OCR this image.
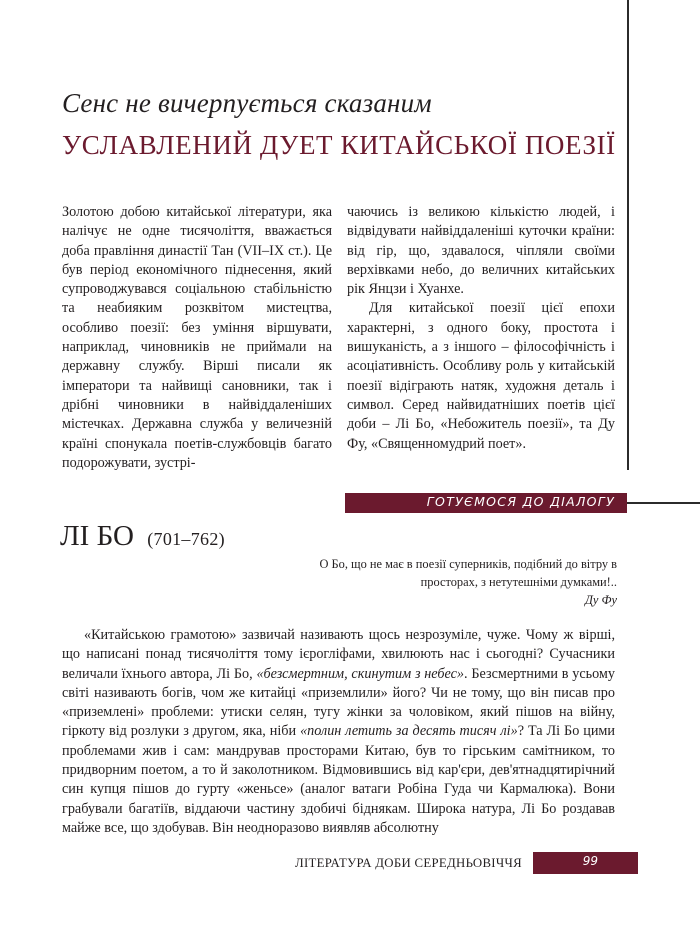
Сенс не вичерпується сказаним
УСЛАВЛЕНИЙ ДУЕТ КИТАЙСЬКОЇ ПОЕЗІЇ

Золотою добою китайської літератури, яка налічує не одне тисячоліття, вважається доба правління династії Тан (VII–IX ст.). Це був період економічного піднесення, який супроводжувався соціальною стабільністю та неабияким розквітом мистецтва, особливо поезії: без уміння віршувати, наприклад, чиновників не приймали на державну службу. Вірші писали як імператори та найвищі сановники, так і дрібні чиновники в найвіддаленіших містечках. Державна служба у величезній країні спонукала поетів-службовців багато подорожувати, зустрі-

чаючись із великою кількістю людей, і відвідувати найвіддаленіші куточки країни: від гір, що, здавалося, чіпляли своїми верхівками небо, до величних китайських рік Янцзи і Хуанхе.

Для китайської поезії цієї епохи характерні, з одного боку, простота і вишуканість, а з іншого – філософічність і асоціативність. Особливу роль у китайській поезії відіграють натяк, художня деталь і символ. Серед найвидатніших поетів цієї доби – Лі Бо, «Небожитель поезії», та Ду Фу, «Священномудрий поет».

ГОТУЄМОСЯ ДО ДІАЛОГУ
ЛІ БО (701–762)
О Бо, що не має в поезії суперників, подібний до вітру в просторах, з нетутешніми думками!..
Ду Фу
«Китайською грамотою» зазвичай називають щось незрозуміле, чуже. Чому ж вірші, що написані понад тисячоліття тому ієрогліфами, хвилюють нас і сьогодні? Сучасники величали їхнього автора, Лі Бо, «безсмертним, скинутим з небес». Безсмертними в усьому світі називають богів, чом же китайці «приземлили» його? Чи не тому, що він писав про «приземлені» проблеми: утиски селян, тугу жінки за чоловіком, який пішов на війну, гіркоту від розлуки з другом, яка, ніби «полин летить за десять тисяч лі»? Та Лі Бо цими проблемами жив і сам: мандрував просторами Китаю, був то гірським самітником, то придворним поетом, а то й заколотником. Відмовившись від кар'єри, дев'ятнадцятирічний син купця пішов до гурту «женьсе» (аналог ватаги Робіна Гуда чи Кармалюка). Вони грабували багатіїв, віддаючи частину здобичі біднякам. Широка натура, Лі Бо роздавав майже все, що здобував. Він неодноразово виявляв абсолютну
ЛІТЕРАТУРА ДОБИ СЕРЕДНЬОВІЧЧЯ	99
